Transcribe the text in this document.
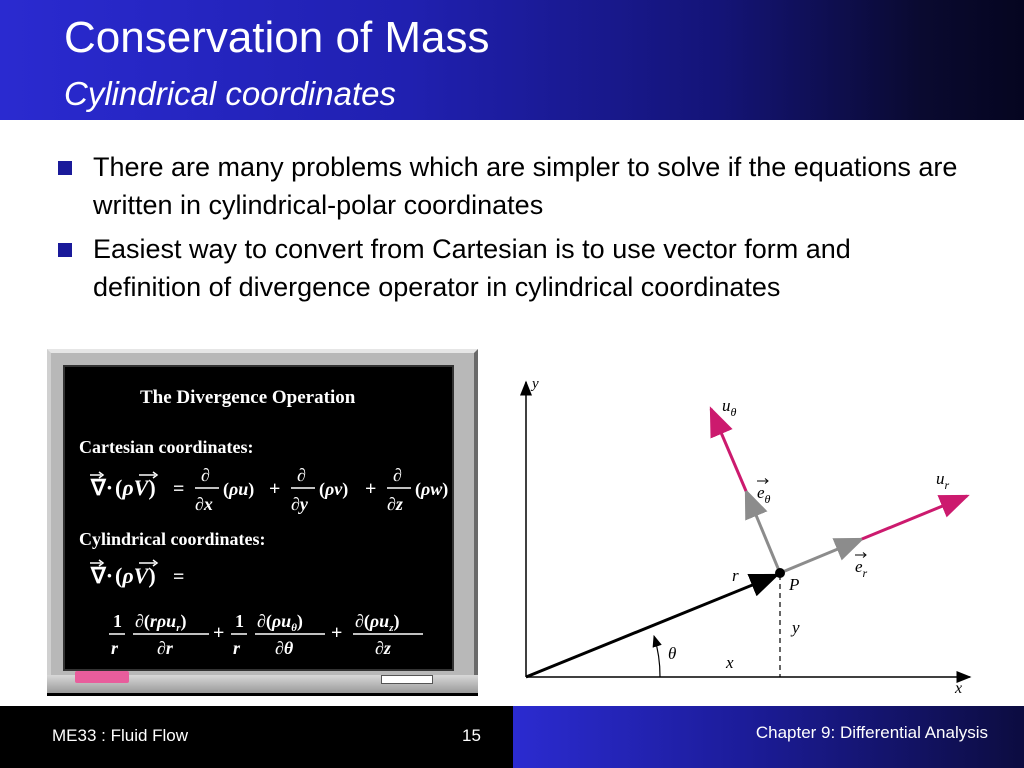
Conservation of Mass
Cylindrical coordinates
There are many problems which are simpler to solve if the equations are written in cylindrical-polar coordinates
Easiest way to convert from Cartesian is to use vector form and definition of divergence operator in cylindrical coordinates
The Divergence Operation
Cartesian coordinates:
∇· (ρV) =
∂
∂x
(ρu) +
∂
∂y
(ρv) +
∂
∂z
(ρw)
Cylindrical coordinates:
∇· (ρV) =
1
r
∂(rρu$_r$)
∂r
+
1
r
$\partial(\rho u_\theta)$
∂θ
+
$\partial(\rho u_z)$
∂z
y
x
P
r
θ	x
y
$u_\theta$
$u_r$
$e_\theta$
$e_r$
ME33 : Fluid Flow	15	Chapter 9: Differential Analysis
